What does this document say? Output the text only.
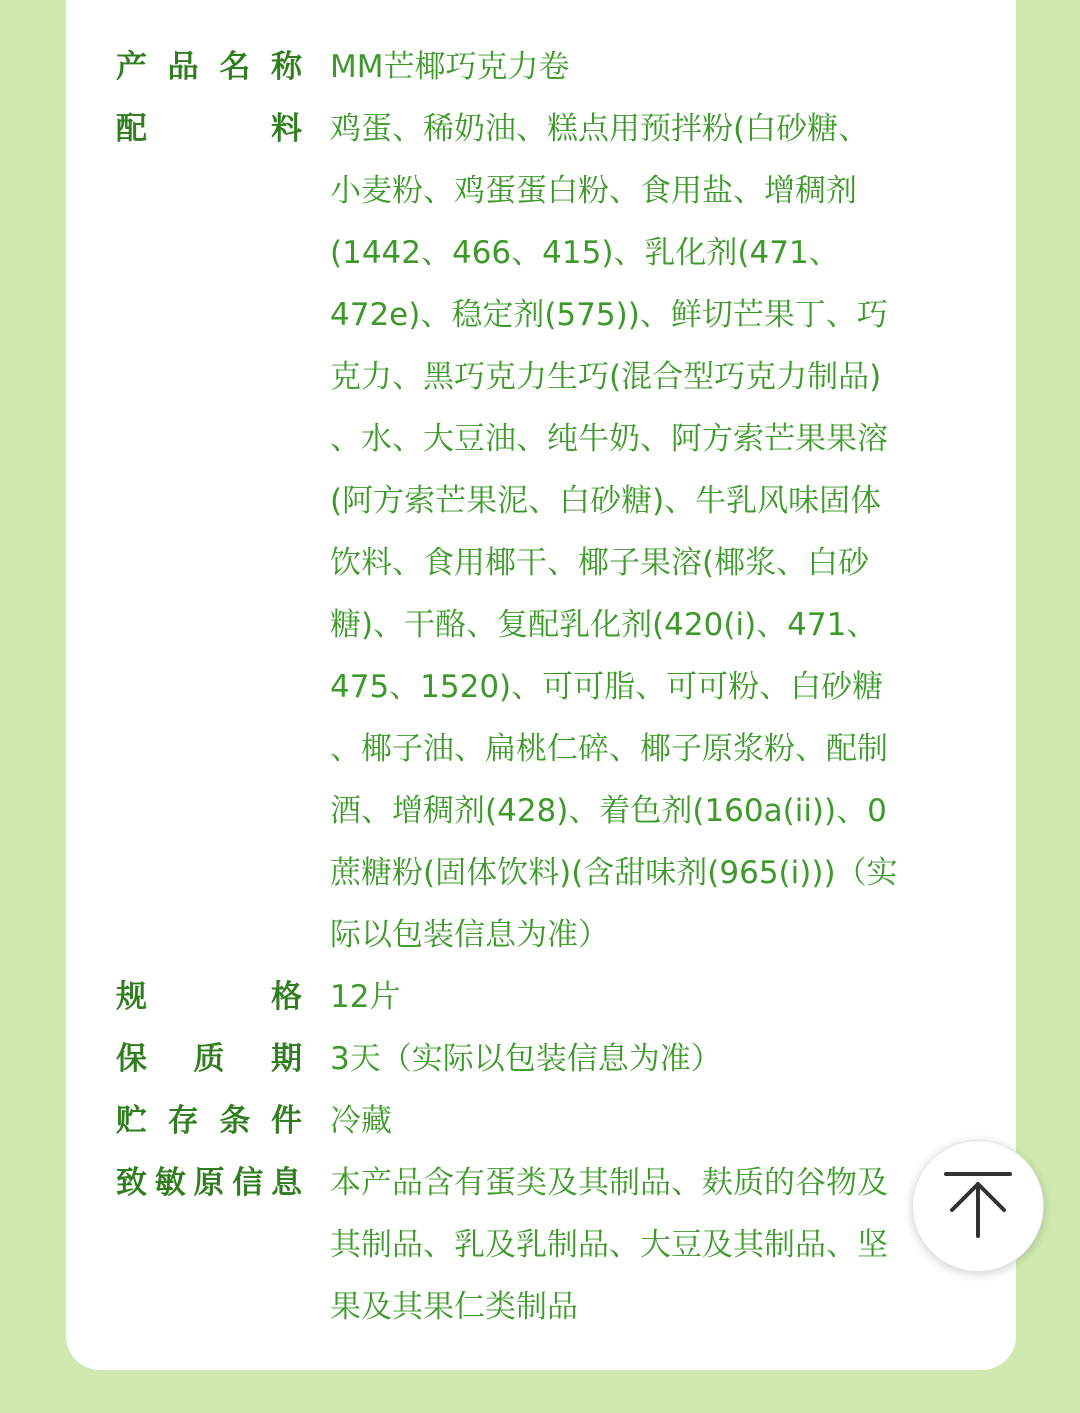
产 品 名 称 MM芒椰巧克力卷
配	料 鸡蛋、稀奶油、糕点用预拌粉(白砂糖、
小麦粉、鸡蛋蛋白粉、食用盐、增稠剂
(1442、466、415)、乳化剂(471、
472e)、稳定剂(575))、鲜切芒果丁、巧
克力、黑巧克力生巧(混合型巧克力制品)
、水、大豆油、纯牛奶、阿方索芒果果溶
(阿方索芒果泥、白砂糖)、牛乳风味固体
饮料、食用椰干、椰子果溶(椰浆、白砂
糖)、干酪、复配乳化剂(420(i)、471、
475、1520)、可可脂、可可粉、白砂糖
、椰子油、扁桃仁碎、椰子原浆粉、配制
酒、增稠剂(428)、着色剂(160a(ii))、0
蔗糖粉(固体饮料)(含甜味剂(965(i)))（实
际以包装信息为准）
规	格 12片
保 质 期 3天（实际以包装信息为准）
贮 存 条 件 冷藏
致 敏 原 信 息 本产品含有蛋类及其制品、麸质的谷物及
其制品、乳及乳制品、大豆及其制品、坚
果及其果仁类制品
